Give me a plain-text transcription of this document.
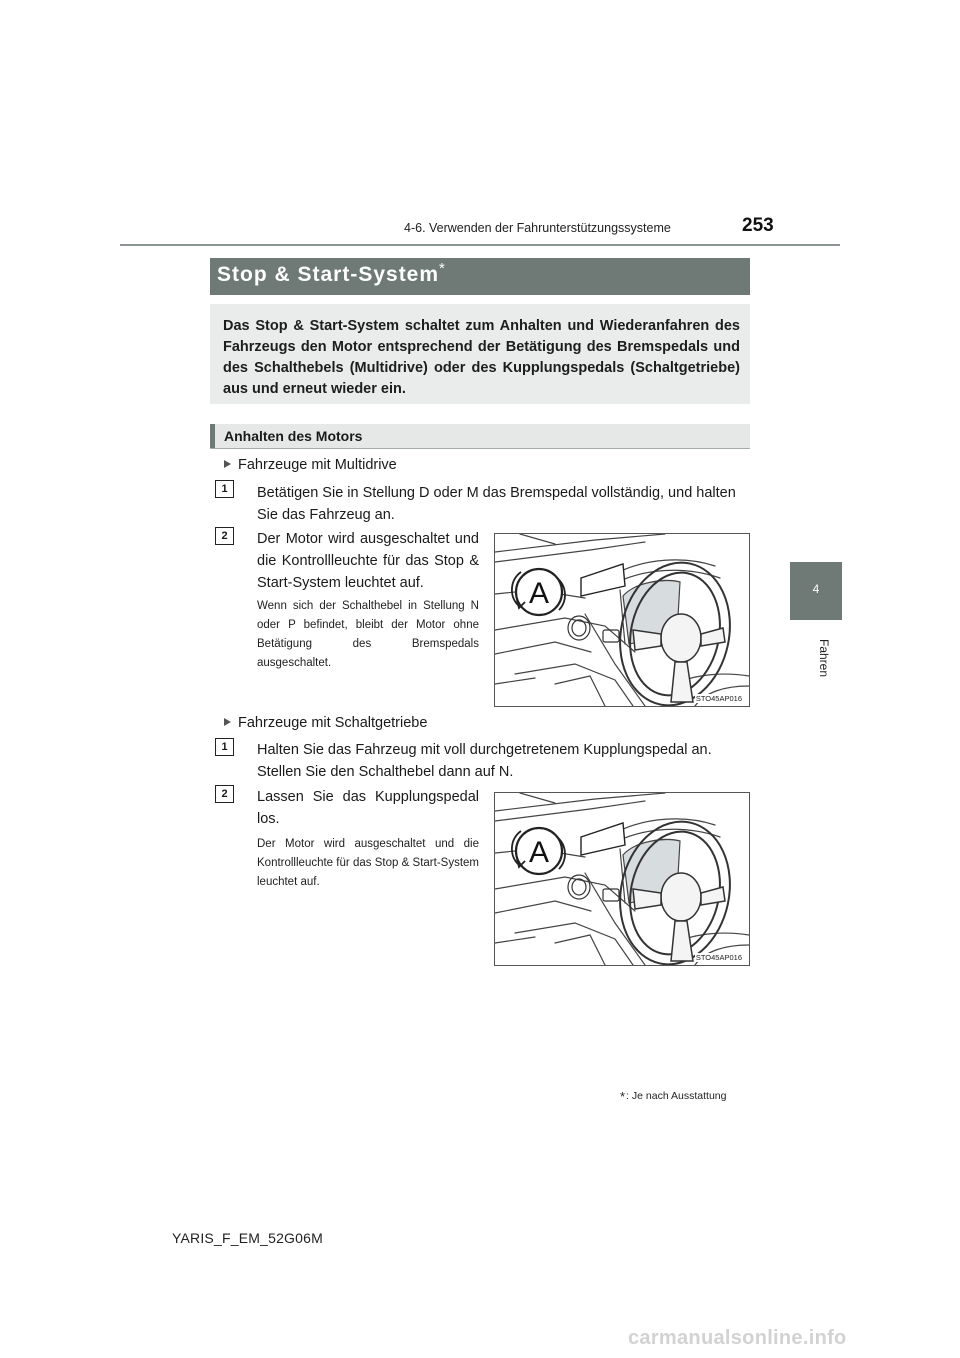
4-6. Verwenden der Fahrunterstützungssysteme	253
4
Fahren
Stop & Start-System *
Das Stop & Start-System schaltet zum Anhalten und Wiederanfahren des Fahrzeugs den Motor entsprechend der Betätigung des Bremspedals und des Schalthebels (Multidrive) oder des Kupplungspedals (Schaltgetriebe) aus und erneut wieder ein.
Anhalten des Motors
Fahrzeuge mit Multidrive
1	Betätigen Sie in Stellung D oder M das Bremspedal vollständig, und halten
Sie das Fahrzeug an.
2	Der Motor wird ausgeschaltet und die Kontrollleuchte für das Stop & Start-System leuchtet auf.
Wenn sich der Schalthebel in Stellung N oder P befindet, bleibt der Motor ohne Betätigung des Bremspedals ausgeschaltet.
A
STO45AP016
Fahrzeuge mit Schaltgetriebe
1	Halten Sie das Fahrzeug mit voll durchgetretenem Kupplungspedal an.
Stellen Sie den Schalthebel dann auf N.
2	Lassen Sie das Kupplungspedal los.
Der Motor wird ausgeschaltet und die Kontrollleuchte für das Stop & Start-System leuchtet auf.
A
STO45AP016
*: Je nach Ausstattung
YARIS_F_EM_52G06M
carmanualsonline.info
